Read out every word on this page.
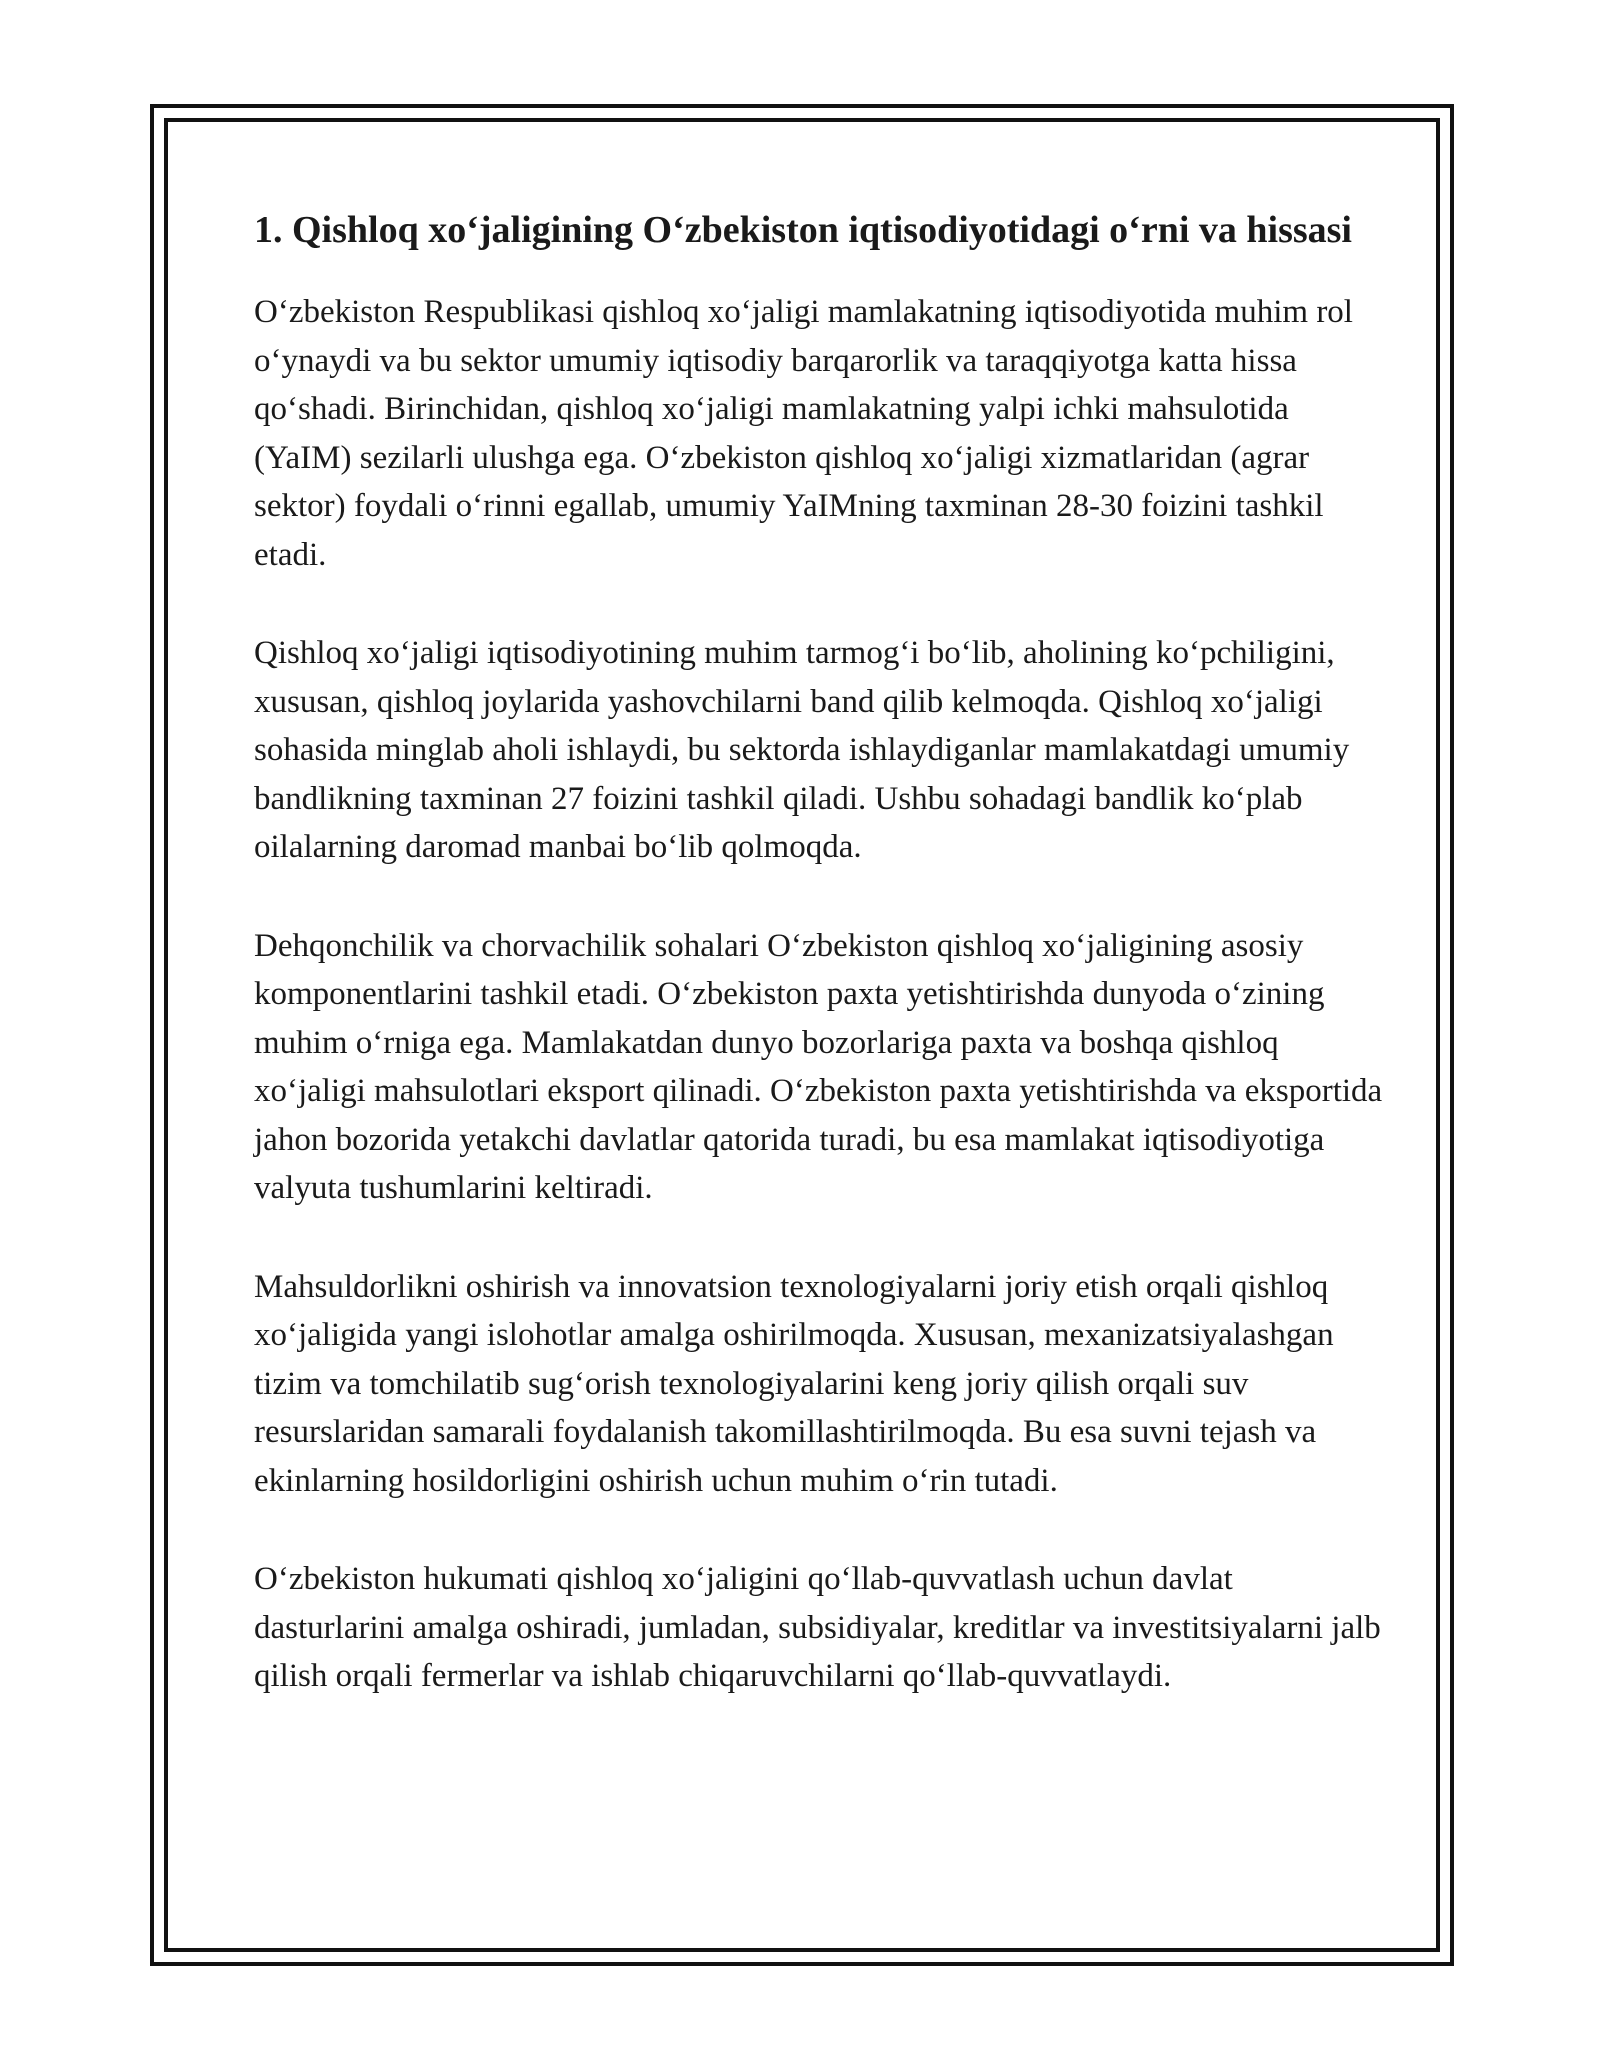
1. Qishloq xo‘jaligining O‘zbekiston iqtisodiyotidagi o‘rni va hissasi

O‘zbekiston Respublikasi qishloq xo‘jaligi mamlakatning iqtisodiyotida muhim rol o‘ynaydi va bu sektor umumiy iqtisodiy barqarorlik va taraqqiyotga katta hissa qo‘shadi. Birinchidan, qishloq xo‘jaligi mamlakatning yalpi ichki mahsulotida (YaIM) sezilarli ulushga ega. O‘zbekiston qishloq xo‘jaligi xizmatlaridan (agrar sektor) foydali o‘rinni egallab, umumiy YaIMning taxminan 28-30 foizini tashkil etadi.

Qishloq xo‘jaligi iqtisodiyotining muhim tarmog‘i bo‘lib, aholining ko‘pchiligini, xususan, qishloq joylarida yashovchilarni band qilib kelmoqda. Qishloq xo‘jaligi sohasida minglab aholi ishlaydi, bu sektorda ishlaydiganlar mamlakatdagi umumiy bandlikning taxminan 27 foizini tashkil qiladi. Ushbu sohadagi bandlik ko‘plab oilalarning daromad manbai bo‘lib qolmoqda.

Dehqonchilik va chorvachilik sohalari O‘zbekiston qishloq xo‘jaligining asosiy komponentlarini tashkil etadi. O‘zbekiston paxta yetishtirishda dunyoda o‘zining muhim o‘rniga ega. Mamlakatdan dunyo bozorlariga paxta va boshqa qishloq xo‘jaligi mahsulotlari eksport qilinadi. O‘zbekiston paxta yetishtirishda va eksportida jahon bozorida yetakchi davlatlar qatorida turadi, bu esa mamlakat iqtisodiyotiga valyuta tushumlarini keltiradi.

Mahsuldorlikni oshirish va innovatsion texnologiyalarni joriy etish orqali qishloq xo‘jaligida yangi islohotlar amalga oshirilmoqda. Xususan, mexanizatsiyalashgan tizim va tomchilatib sug‘orish texnologiyalarini keng joriy qilish orqali suv resurslaridan samarali foydalanish takomillashtirilmoqda. Bu esa suvni tejash va ekinlarning hosildorligini oshirish uchun muhim o‘rin tutadi.

O‘zbekiston hukumati qishloq xo‘jaligini qo‘llab-quvvatlash uchun davlat dasturlarini amalga oshiradi, jumladan, subsidiyalar, kreditlar va investitsiyalarni jalb qilish orqali fermerlar va ishlab chiqaruvchilarni qo‘llab-quvvatlaydi.
